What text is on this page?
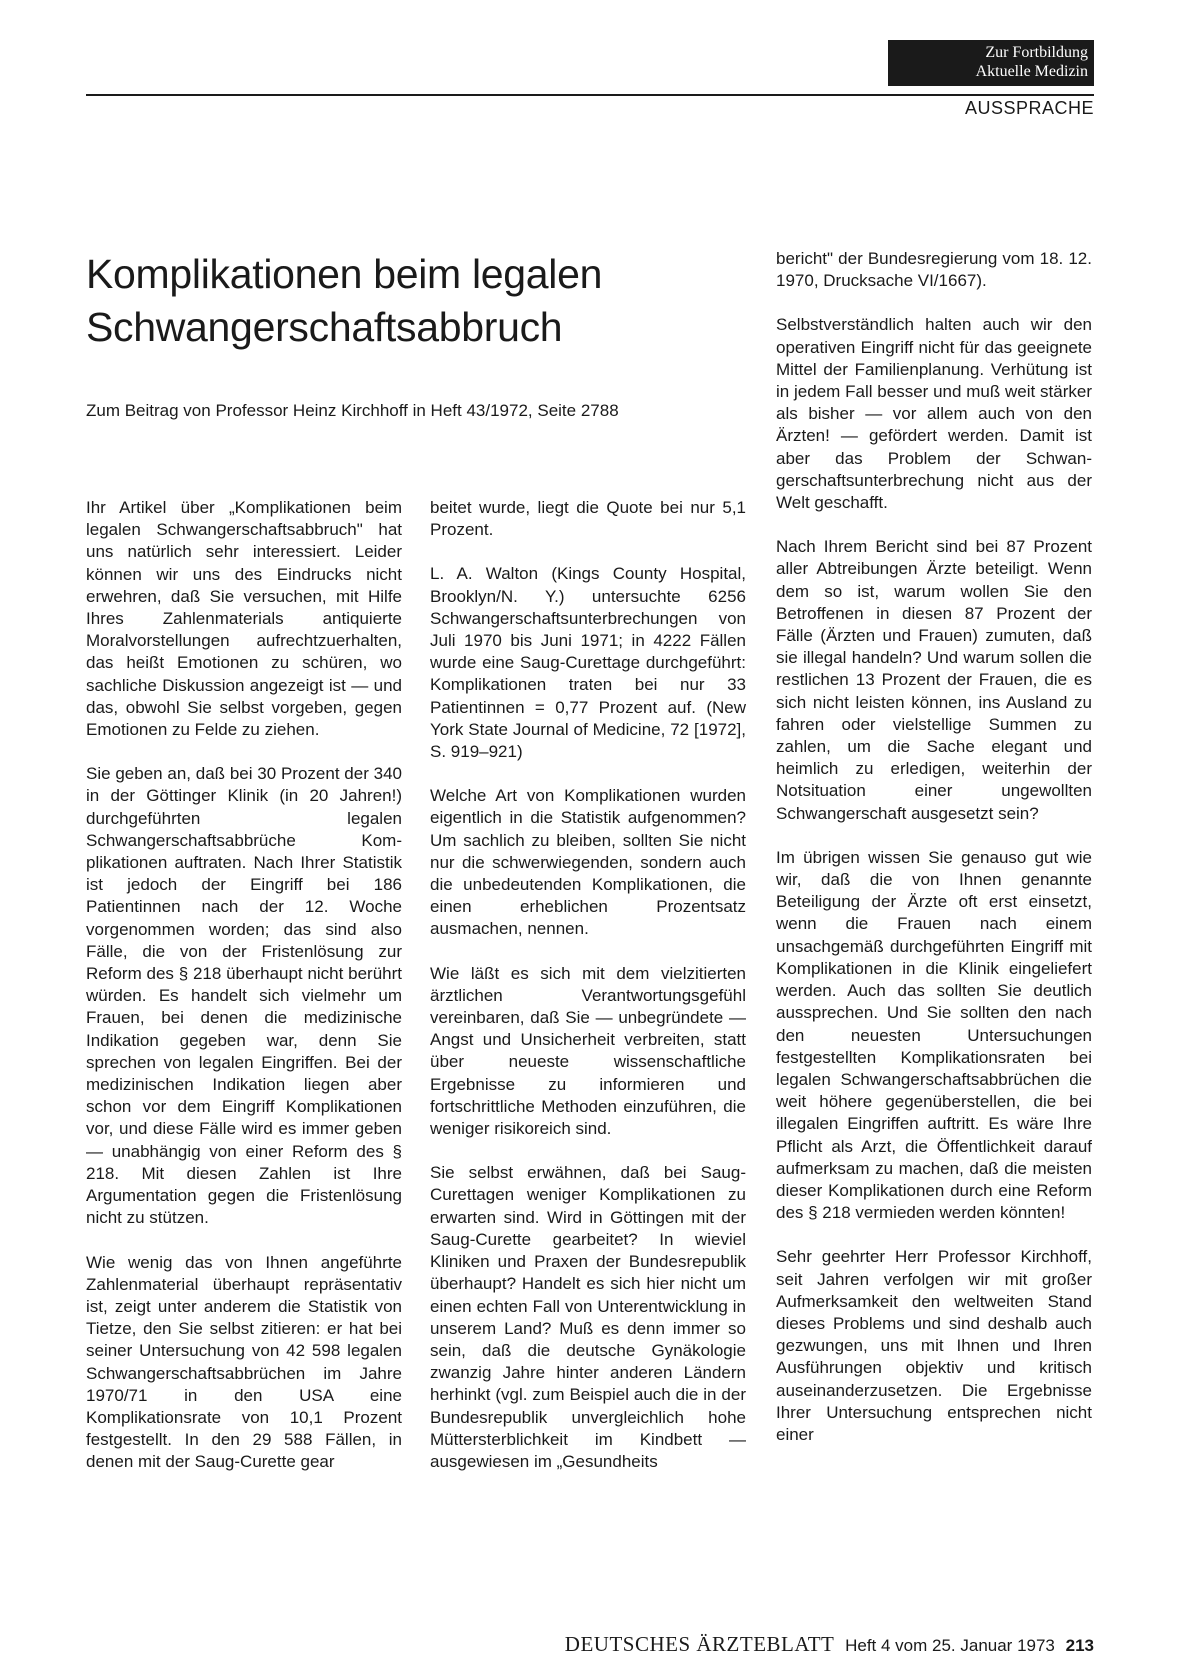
Zur Fortbildung
Aktuelle Medizin
AUSSPRACHE
Komplikationen beim legalen
Schwangerschaftsabbruch
Zum Beitrag von Professor Heinz Kirchhoff in Heft 43/1972, Seite 2788

Ihr Artikel über „Komplikationen beim legalen Schwangerschaftsabbruch" hat uns natürlich sehr interessiert. Leider können wir uns des Eindrucks nicht erwehren, daß Sie versuchen, mit Hilfe Ihres Zahlenmaterials antiquierte Moralvorstellungen aufrechtzuerhalten, das heißt Emotionen zu schüren, wo sachliche Diskussion angezeigt ist — und das, obwohl Sie selbst vorgeben, gegen Emotionen zu Felde zu ziehen.

Sie geben an, daß bei 30 Prozent der 340 in der Göttinger Klinik (in 20 Jahren!) durchgeführten legalen Schwangerschaftsabbrüche Komplikationen auftraten. Nach Ihrer Statistik ist jedoch der Eingriff bei 186 Patientinnen nach der 12. Woche vorgenommen worden; das sind also Fälle, die von der Fristenlösung zur Reform des § 218 überhaupt nicht berührt würden. Es handelt sich vielmehr um Frauen, bei denen die medizinische Indikation gegeben war, denn Sie sprechen von legalen Eingriffen. Bei der medizinischen Indikation liegen aber schon vor dem Eingriff Komplikationen vor, und diese Fälle wird es immer geben — unabhängig von einer Reform des § 218. Mit diesen Zahlen ist Ihre Argumentation gegen die Fristenlösung nicht zu stützen.

Wie wenig das von Ihnen angeführte Zahlenmaterial überhaupt repräsentativ ist, zeigt unter anderem die Statistik von Tietze, den Sie selbst zitieren: er hat bei seiner Untersuchung von 42 598 legalen Schwangerschaftsabbrüchen im Jahre 1970/71 in den USA eine Komplikationsrate von 10,1 Prozent festgestellt. In den 29 588 Fällen, in denen mit der Saug-Curette gear

beitet wurde, liegt die Quote bei nur 5,1 Prozent.

L. A. Walton (Kings County Hospital, Brooklyn/N. Y.) untersuchte 6256 Schwangerschaftsunterbrechungen von Juli 1970 bis Juni 1971; in 4222 Fällen wurde eine Saug-Curettage durchgeführt: Komplikationen traten bei nur 33 Patientinnen = 0,77 Prozent auf. (New York State Journal of Medicine, 72 [1972], S. 919–921)

Welche Art von Komplikationen wurden eigentlich in die Statistik aufgenommen? Um sachlich zu bleiben, sollten Sie nicht nur die schwerwiegenden, sondern auch die unbedeutenden Komplikationen, die einen erheblichen Prozentsatz ausmachen, nennen.

Wie läßt es sich mit dem vielzitierten ärztlichen Verantwortungsgefühl vereinbaren, daß Sie — unbegründete — Angst und Unsicherheit verbreiten, statt über neueste wissenschaftliche Ergebnisse zu informieren und fortschrittliche Methoden einzuführen, die weniger risikoreich sind.

Sie selbst erwähnen, daß bei Saug-Curettagen weniger Komplikationen zu erwarten sind. Wird in Göttingen mit der Saug-Curette gearbeitet? In wieviel Kliniken und Praxen der Bundesrepublik überhaupt? Handelt es sich hier nicht um einen echten Fall von Unterentwicklung in unserem Land? Muß es denn immer so sein, daß die deutsche Gynäkologie zwanzig Jahre hinter anderen Ländern herhinkt (vgl. zum Beispiel auch die in der Bundesrepublik unvergleichlich hohe Müttersterblichkeit im Kindbett — ausgewiesen im „Gesundheits

bericht" der Bundesregierung vom 18. 12. 1970, Drucksache VI/1667).

Selbstverständlich halten auch wir den operativen Eingriff nicht für das geeignete Mittel der Familienplanung. Verhütung ist in jedem Fall besser und muß weit stärker als bisher — vor allem auch von den Ärzten! — gefördert werden. Damit ist aber das Problem der Schwangerschaftsunterbrechung nicht aus der Welt geschafft.

Nach Ihrem Bericht sind bei 87 Prozent aller Abtreibungen Ärzte beteiligt. Wenn dem so ist, warum wollen Sie den Betroffenen in diesen 87 Prozent der Fälle (Ärzten und Frauen) zumuten, daß sie illegal handeln? Und warum sollen die restlichen 13 Prozent der Frauen, die es sich nicht leisten können, ins Ausland zu fahren oder vielstellige Summen zu zahlen, um die Sache elegant und heimlich zu erledigen, weiterhin der Notsituation einer ungewollten Schwangerschaft ausgesetzt sein?

Im übrigen wissen Sie genauso gut wie wir, daß die von Ihnen genannte Beteiligung der Ärzte oft erst einsetzt, wenn die Frauen nach einem unsachgemäß durchgeführten Eingriff mit Komplikationen in die Klinik eingeliefert werden. Auch das sollten Sie deutlich aussprechen. Und Sie sollten den nach den neuesten Untersuchungen festgestellten Komplikationsraten bei legalen Schwangerschaftsabbrüchen die weit höhere gegenüberstellen, die bei illegalen Eingriffen auftritt. Es wäre Ihre Pflicht als Arzt, die Öffentlichkeit darauf aufmerksam zu machen, daß die meisten dieser Komplikationen durch eine Reform des § 218 vermieden werden könnten!

Sehr geehrter Herr Professor Kirchhoff, seit Jahren verfolgen wir mit großer Aufmerksamkeit den weltweiten Stand dieses Problems und sind deshalb auch gezwungen, uns mit Ihnen und Ihren Ausführungen objektiv und kritisch auseinanderzusetzen. Die Ergebnisse Ihrer Untersuchung entsprechen nicht einer

DEUTSCHES ÄRZTEBLATT Heft 4 vom 25. Januar 1973 213
